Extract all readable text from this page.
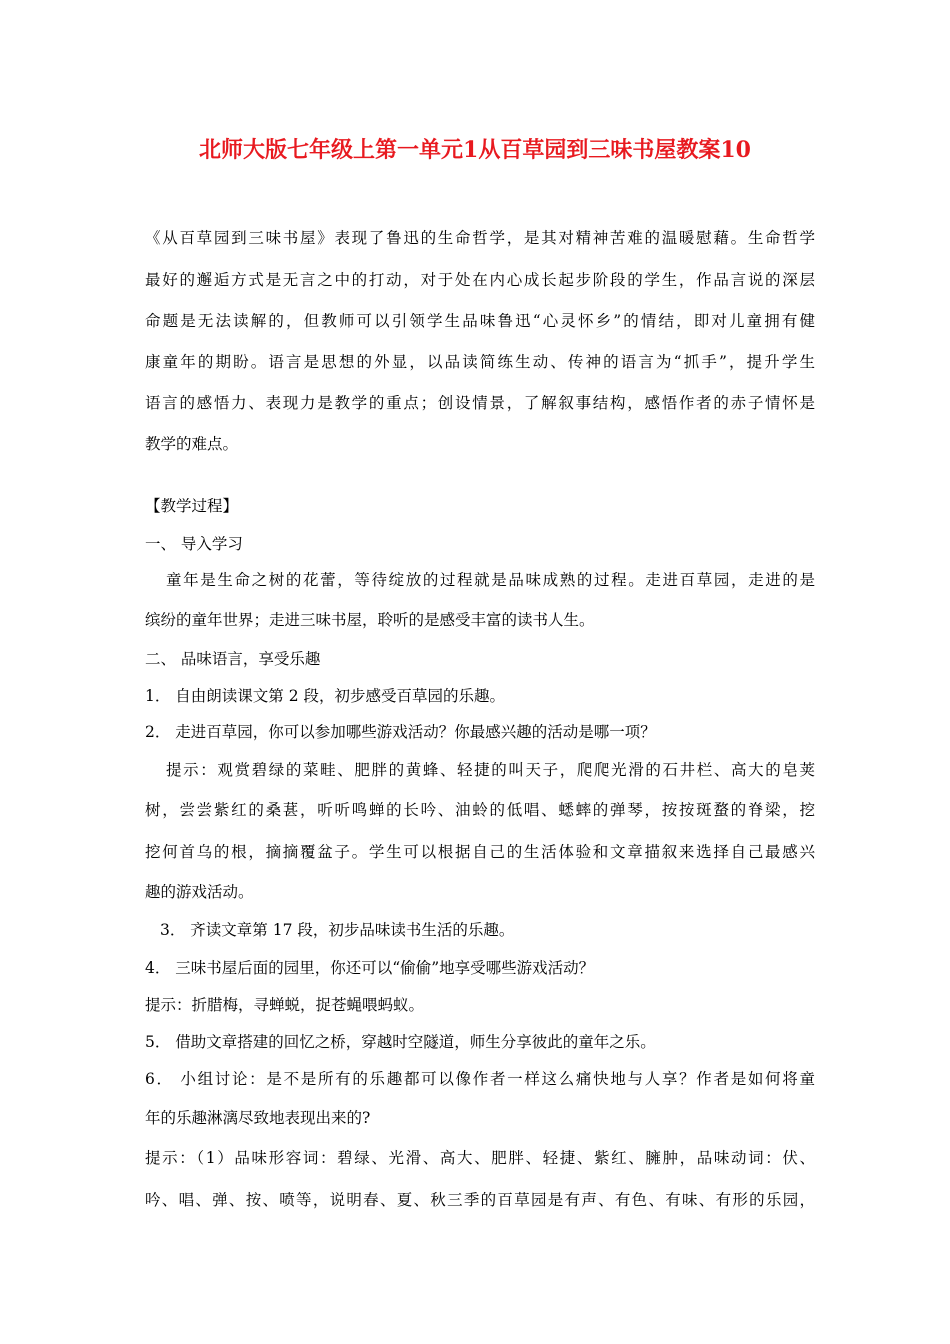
北师大版七年级上第一单元1从百草园到三味书屋教案10
《从百草园到三味书屋》表现了鲁迅的生命哲学，是其对精神苦难的温暖慰藉。生命哲学
最好的邂逅方式是无言之中的打动，对于处在内心成长起步阶段的学生，作品言说的深层
命题是无法读解的，但教师可以引领学生品味鲁迅“心灵怀乡”的情结，即对儿童拥有健
康童年的期盼。语言是思想的外显，以品读简练生动、传神的语言为“抓手”，提升学生
语言的感悟力、表现力是教学的重点；创设情景，了解叙事结构，感悟作者的赤子情怀是
教学的难点。
【教学过程】
一、 导入学习
童年是生命之树的花蕾，等待绽放的过程就是品味成熟的过程。走进百草园，走进的是
缤纷的童年世界；走进三味书屋，聆听的是感受丰富的读书人生。
二、 品味语言，享受乐趣
1． 自由朗读课文第 2 段，初步感受百草园的乐趣。
2． 走进百草园，你可以参加哪些游戏活动？你最感兴趣的活动是哪一项？
提示：观赏碧绿的菜畦、肥胖的黄蜂、轻捷的叫天子，爬爬光滑的石井栏、高大的皂荚
树，尝尝紫红的桑葚，听听鸣蝉的长吟、油蛉的低唱、蟋蟀的弹琴，按按斑蝥的脊梁，挖
挖何首乌的根，摘摘覆盆子。学生可以根据自己的生活体验和文章描叙来选择自己最感兴
趣的游戏活动。
3． 齐读文章第 17 段，初步品味读书生活的乐趣。
4． 三味书屋后面的园里，你还可以“偷偷”地享受哪些游戏活动？
提示：折腊梅，寻蝉蜕，捉苍蝇喂蚂蚁。
5． 借助文章搭建的回忆之桥，穿越时空隧道，师生分享彼此的童年之乐。
6． 小组讨论：是不是所有的乐趣都可以像作者一样这么痛快地与人享？作者是如何将童
年的乐趣淋漓尽致地表现出来的?
提示：（1）品味形容词：碧绿、光滑、高大、肥胖、轻捷、紫红、臃肿，品味动词：伏、
吟、唱、弹、按、喷等，说明春、夏、秋三季的百草园是有声、有色、有味、有形的乐园，
